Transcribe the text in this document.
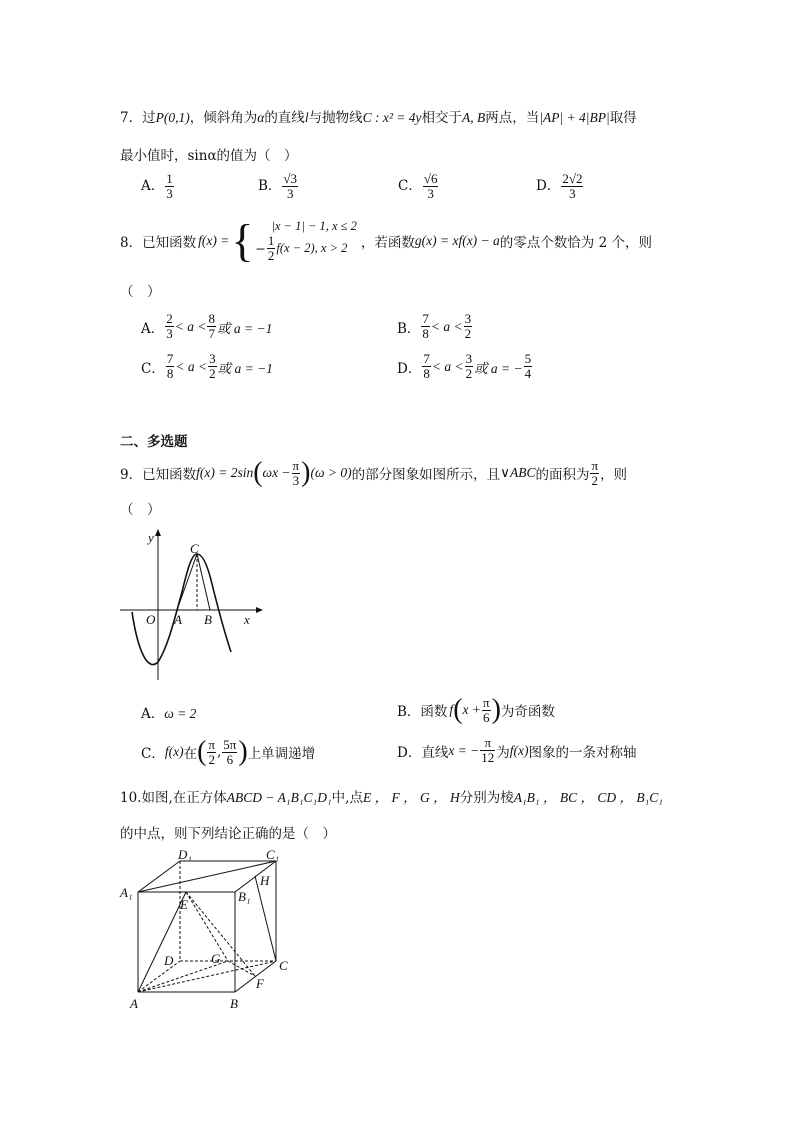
7．过P(0,1)，倾斜角为α的直线l与抛物线C : x² = 4y相交于A, B两点，当|AP| + 4|BP|取得
最小值时，sinα的值为（　）
A． $\frac{1}{3}$	B． $\frac{√3}{3}$	C． $\frac{√6}{3}$	D． $\frac{2√2}{3}$
8．已知函数 f(x) = {	|x − 1| − 1, x ≤ 2
− $\frac{1}{2} f(x - 2)$, x > 2 ，若函数 g(x) = xf(x) − a 的零点个数恰为 2 个，则
（　）
A． $\frac{2}{3} < a < \frac{8}{7}$ 或 a = −1	B． $\frac{7}{8} < a < \frac{3}{2}$
C． $\frac{7}{8} < a < \frac{3}{2}$ 或 a = −1	D． $\frac{7}{8} < a < \frac{3}{2}$ 或 a = − $\frac{5}{4}$
二、多选题
9．已知函数 f(x) = 2sin ( $\omega x - \frac{\pi}{3}$ ) (ω > 0) 的部分图象如图所示，且 ∨ABC 的面积为 $\frac{\pi}{2}$ ，则
（　）
y
x
O A B
C
A．ω = 2	B．函数 f ( $x + \frac{\pi}{6}$ ) 为奇函数
C． f(x) 在 ( $\frac{\pi}{2}$ , $\frac{5\pi}{6}$ ) 上单调递增	D．直线 x = − $\frac{\pi}{12}$ 为 f(x) 图象的一条对称轴
10.如图,在正方体ABCD − A₁B₁C₁D₁中,点E ， F ， G ， H分别为棱A₁B₁ ， BC ， CD ， B₁C₁
的中点，则下列结论正确的是（　）
A	B
C
D
A₁	B₁
C₁
D₁
E
F
G
H
